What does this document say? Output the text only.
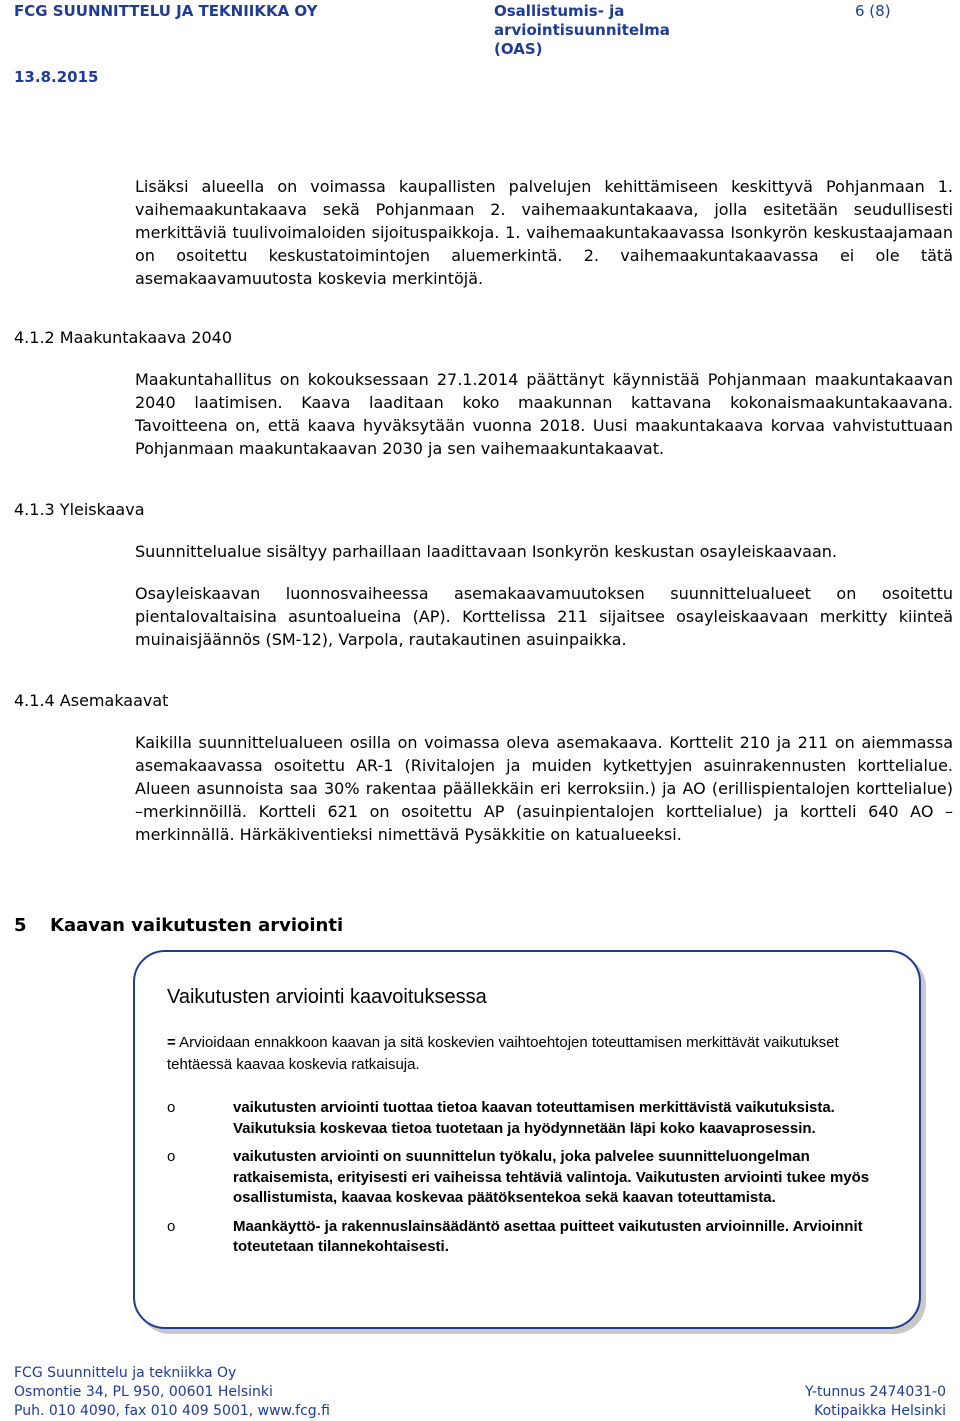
FCG SUUNNITTELU JA TEKNIIKKA OY	Osallistumis- ja
arviointisuunnitelma
(OAS)
6 (8)
13.8.2015

Lisäksi alueella on voimassa kaupallisten palvelujen kehittämiseen keskittyvä Pohjanmaan 1. vaihemaakuntakaava sekä Pohjanmaan 2. vaihemaakuntakaava, jolla esitetään seudullisesti merkittäviä tuulivoimaloiden sijoituspaikkoja. 1. vaihemaakuntakaavassa Isonkyrön keskustaajamaan on osoitettu keskustatoimintojen aluemerkintä. 2. vaihemaakuntakaavassa ei ole tätä asemakaavamuutosta koskevia merkintöjä.

4.1.2 Maakuntakaava 2040

Maakuntahallitus on kokouksessaan 27.1.2014 päättänyt käynnistää Pohjanmaan maakuntakaavan 2040 laatimisen. Kaava laaditaan koko maakunnan kattavana kokonaismaakuntakaavana. Tavoitteena on, että kaava hyväksytään vuonna 2018. Uusi maakuntakaava korvaa vahvistuttuaan Pohjanmaan maakuntakaavan 2030 ja sen vaihemaakuntakaavat.

4.1.3 Yleiskaava

Suunnittelualue sisältyy parhaillaan laadittavaan Isonkyrön keskustan osayleiskaavaan.

Osayleiskaavan luonnosvaiheessa asemakaavamuutoksen suunnittelualueet on osoitettu pientalovaltaisina asuntoalueina (AP). Korttelissa 211 sijaitsee osayleiskaavaan merkitty kiinteä muinaisjäännös (SM-12), Varpola, rautakautinen asuinpaikka.

4.1.4 Asemakaavat

Kaikilla suunnittelualueen osilla on voimassa oleva asemakaava. Korttelit 210 ja 211 on aiemmassa asemakaavassa osoitettu AR-1 (Rivitalojen ja muiden kytkettyjen asuinrakennusten korttelialue. Alueen asunnoista saa 30% rakentaa päällekkäin eri kerroksiin.) ja AO (erillispientalojen korttelialue) –merkinnöillä. Kortteli 621 on osoitettu AP (asuinpientalojen korttelialue) ja kortteli 640 AO –merkinnällä. Härkäkiventieksi nimettävä Pysäkkitie on katualueeksi.

5 Kaavan vaikutusten arviointi
Vaikutusten arviointi kaavoituksessa
= Arvioidaan ennakkoon kaavan ja sitä koskevien vaihtoehtojen toteuttamisen merkittävät vaikutukset tehtäessä kaavaa koskevia ratkaisuja.
o	vaikutusten arviointi tuottaa tietoa kaavan toteuttamisen merkittävistä vaikutuksista. Vaikutuksia koskevaa tietoa tuotetaan ja hyödynnetään läpi koko kaavaprosessin.
o	vaikutusten arviointi on suunnittelun työkalu, joka palvelee suunnitteluongelman ratkaisemista, erityisesti eri vaiheissa tehtäviä valintoja. Vaikutusten arviointi tukee myös osallistumista, kaavaa koskevaa päätöksentekoa sekä kaavan toteuttamista.
o	Maankäyttö- ja rakennuslainsäädäntö asettaa puitteet vaikutusten arvioinnille. Arvioinnit toteutetaan tilannekohtaisesti.
FCG Suunnittelu ja tekniikka Oy
Osmontie 34, PL 950, 00601 Helsinki
Puh. 010 4090, fax 010 409 5001, www.fcg.fi
Y-tunnus 2474031-0
Kotipaikka Helsinki
